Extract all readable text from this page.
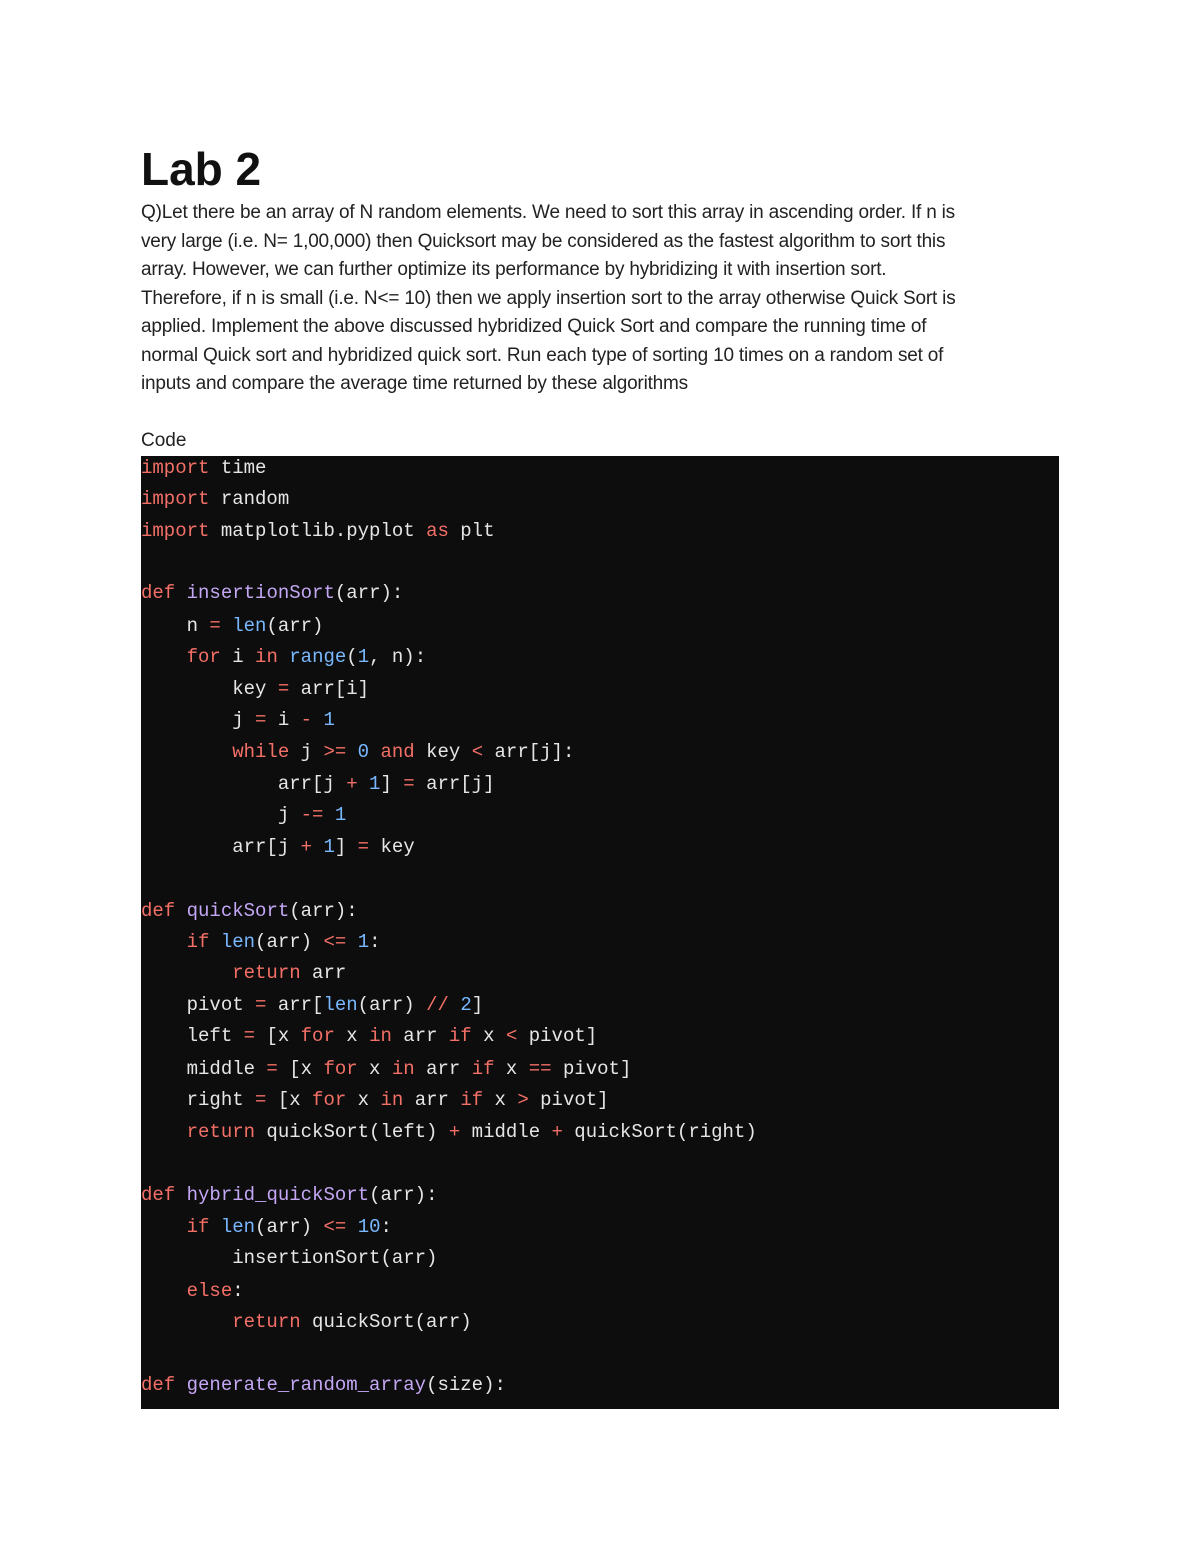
Lab 2
Q)Let there be an array of N random elements. We need to sort this array in ascending order. If n is
very large (i.e. N= 1,00,000) then Quicksort may be considered as the fastest algorithm to sort this
array. However, we can further optimize its performance by hybridizing it with insertion sort.
Therefore, if n is small (i.e. N<= 10) then we apply insertion sort to the array otherwise Quick Sort is
applied. Implement the above discussed hybridized Quick Sort and compare the running time of
normal Quick sort and hybridized quick sort. Run each type of sorting 10 times on a random set of
inputs and compare the average time returned by these algorithms
Code
import time
import random
import matplotlib.pyplot as plt
def insertionSort(arr):
n = len(arr)
for i in range(1, n):
key = arr[i]
j = i - 1
while j >= 0 and key < arr[j]:
arr[j + 1] = arr[j]
j -= 1
arr[j + 1] = key
def quickSort(arr):
if len(arr) <= 1:
return arr
pivot = arr[len(arr) // 2]
left = [x for x in arr if x < pivot]
middle = [x for x in arr if x == pivot]
right = [x for x in arr if x > pivot]
return quickSort(left) + middle + quickSort(right)
def hybrid_quickSort(arr):
if len(arr) <= 10:
insertionSort(arr)
else:
return quickSort(arr)
def generate_random_array(size):
